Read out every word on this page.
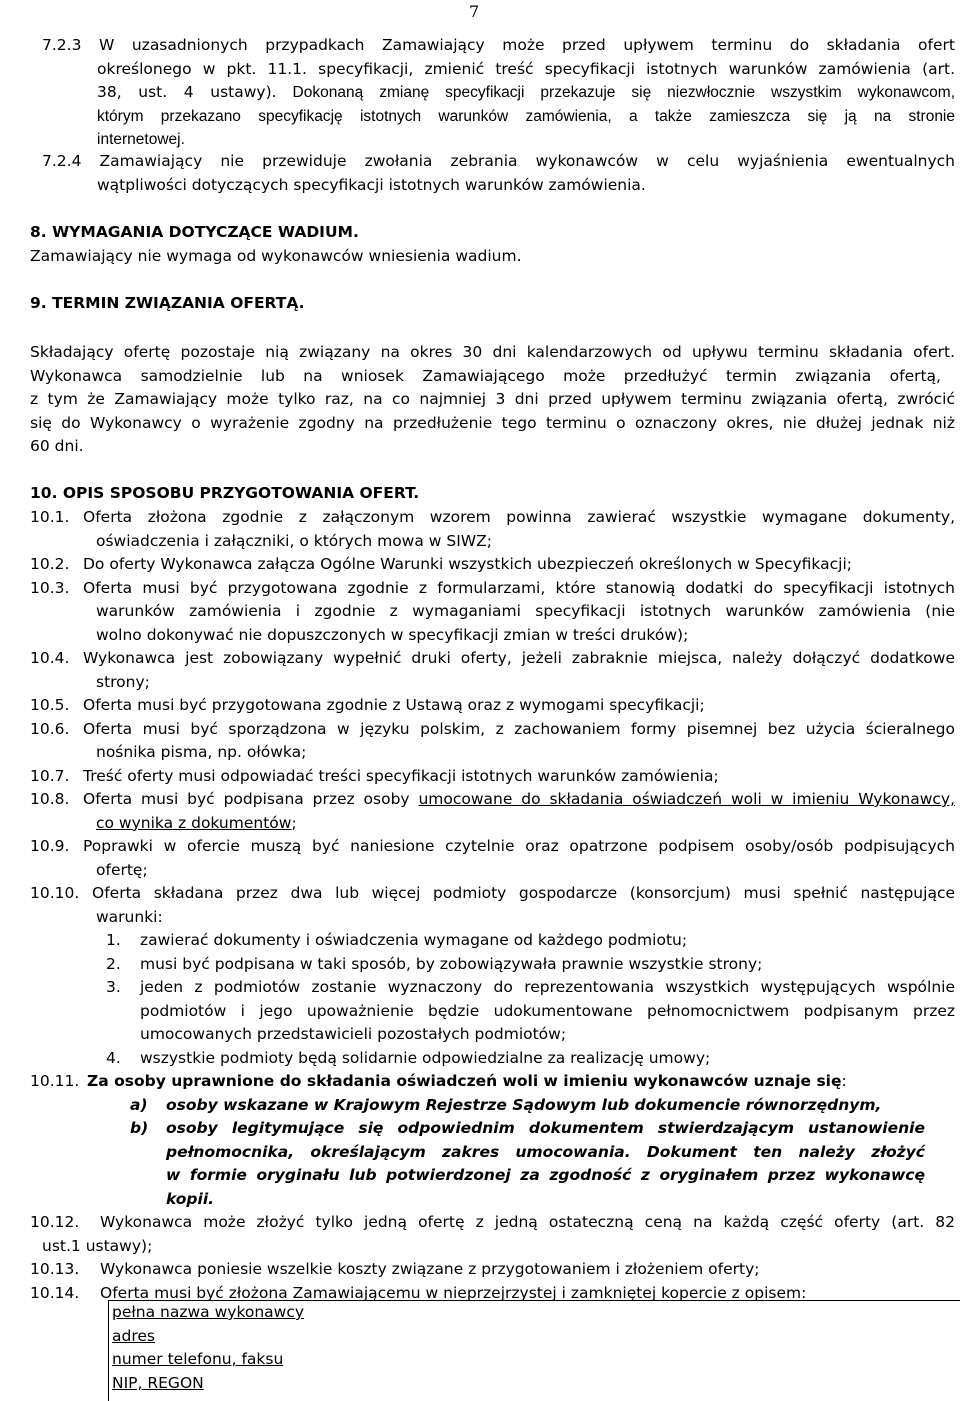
7
7.2.3 W uzasadnionych przypadkach Zamawiający może przed upływem terminu do składania ofert
określonego w pkt. 11.1. specyfikacji, zmienić treść specyfikacji istotnych warunków zamówienia (art.
38, ust. 4 ustawy). Dokonaną zmianę specyfikacji przekazuje się niezwłocznie wszystkim wykonawcom,
którym przekazano specyfikację istotnych warunków zamówienia, a także zamieszcza się ją na stronie
internetowej.
7.2.4 Zamawiający nie przewiduje zwołania zebrania wykonawców w celu wyjaśnienia ewentualnych
wątpliwości dotyczących specyfikacji istotnych warunków zamówienia.
8. WYMAGANIA DOTYCZĄCE WADIUM.
Zamawiający nie wymaga od wykonawców wniesienia wadium.
9. TERMIN ZWIĄZANIA OFERTĄ.
Składający ofertę pozostaje nią związany na okres 30 dni kalendarzowych od upływu terminu składania ofert.
Wykonawca samodzielnie lub na wniosek Zamawiającego może przedłużyć termin związania ofertą,
z tym że Zamawiający może tylko raz, na co najmniej 3 dni przed upływem terminu związania ofertą, zwrócić
się do Wykonawcy o wyrażenie zgodny na przedłużenie tego terminu o oznaczony okres, nie dłużej jednak niż
60 dni.
10. OPIS SPOSOBU PRZYGOTOWANIA OFERT.
10.1. Oferta złożona zgodnie z załączonym wzorem powinna zawierać wszystkie wymagane dokumenty,
oświadczenia i załączniki, o których mowa w SIWZ;
10.2. Do oferty Wykonawca załącza Ogólne Warunki wszystkich ubezpieczeń określonych w Specyfikacji;
10.3. Oferta musi być przygotowana zgodnie z formularzami, które stanowią dodatki do specyfikacji istotnych
warunków zamówienia i zgodnie z wymaganiami specyfikacji istotnych warunków zamówienia (nie
wolno dokonywać nie dopuszczonych w specyfikacji zmian w treści druków);
10.4. Wykonawca jest zobowiązany wypełnić druki oferty, jeżeli zabraknie miejsca, należy dołączyć dodatkowe
strony;
10.5. Oferta musi być przygotowana zgodnie z Ustawą oraz z wymogami specyfikacji;
10.6. Oferta musi być sporządzona w języku polskim, z zachowaniem formy pisemnej bez użycia ścieralnego
nośnika pisma, np. ołówka;
10.7. Treść oferty musi odpowiadać treści specyfikacji istotnych warunków zamówienia;
10.8. Oferta musi być podpisana przez osoby umocowane do składania oświadczeń woli w imieniu Wykonawcy,
co wynika z dokumentów;
10.9. Poprawki w ofercie muszą być naniesione czytelnie oraz opatrzone podpisem osoby/osób podpisujących
ofertę;
10.10. Oferta składana przez dwa lub więcej podmioty gospodarcze (konsorcjum) musi spełnić następujące
warunki:
1.	zawierać dokumenty i oświadczenia wymagane od każdego podmiotu;
2.	musi być podpisana w taki sposób, by zobowiązywała prawnie wszystkie strony;
3.	jeden z podmiotów zostanie wyznaczony do reprezentowania wszystkich występujących wspólnie
podmiotów i jego upoważnienie będzie udokumentowane pełnomocnictwem podpisanym przez
umocowanych przedstawicieli pozostałych podmiotów;
4.	wszystkie podmioty będą solidarnie odpowiedzialne za realizację umowy;
10.11. Za osoby uprawnione do składania oświadczeń woli w imieniu wykonawców uznaje się:
a)	osoby wskazane w Krajowym Rejestrze Sądowym lub dokumencie równorzędnym,
b)	osoby legitymujące się odpowiednim dokumentem stwierdzającym ustanowienie
pełnomocnika, określającym zakres umocowania. Dokument ten należy złożyć
w formie oryginału lub potwierdzonej za zgodność z oryginałem przez wykonawcę
kopii.
10.12.	Wykonawca może złożyć tylko jedną ofertę z jedną ostateczną ceną na każdą część oferty (art. 82
ust.1 ustawy);
10.13.	Wykonawca poniesie wszelkie koszty związane z przygotowaniem i złożeniem oferty;
10.14.	Oferta musi być złożona Zamawiającemu w nieprzejrzystej i zamkniętej kopercie z opisem:
pełna nazwa wykonawcy
adres
numer telefonu, faksu
NIP, REGON
